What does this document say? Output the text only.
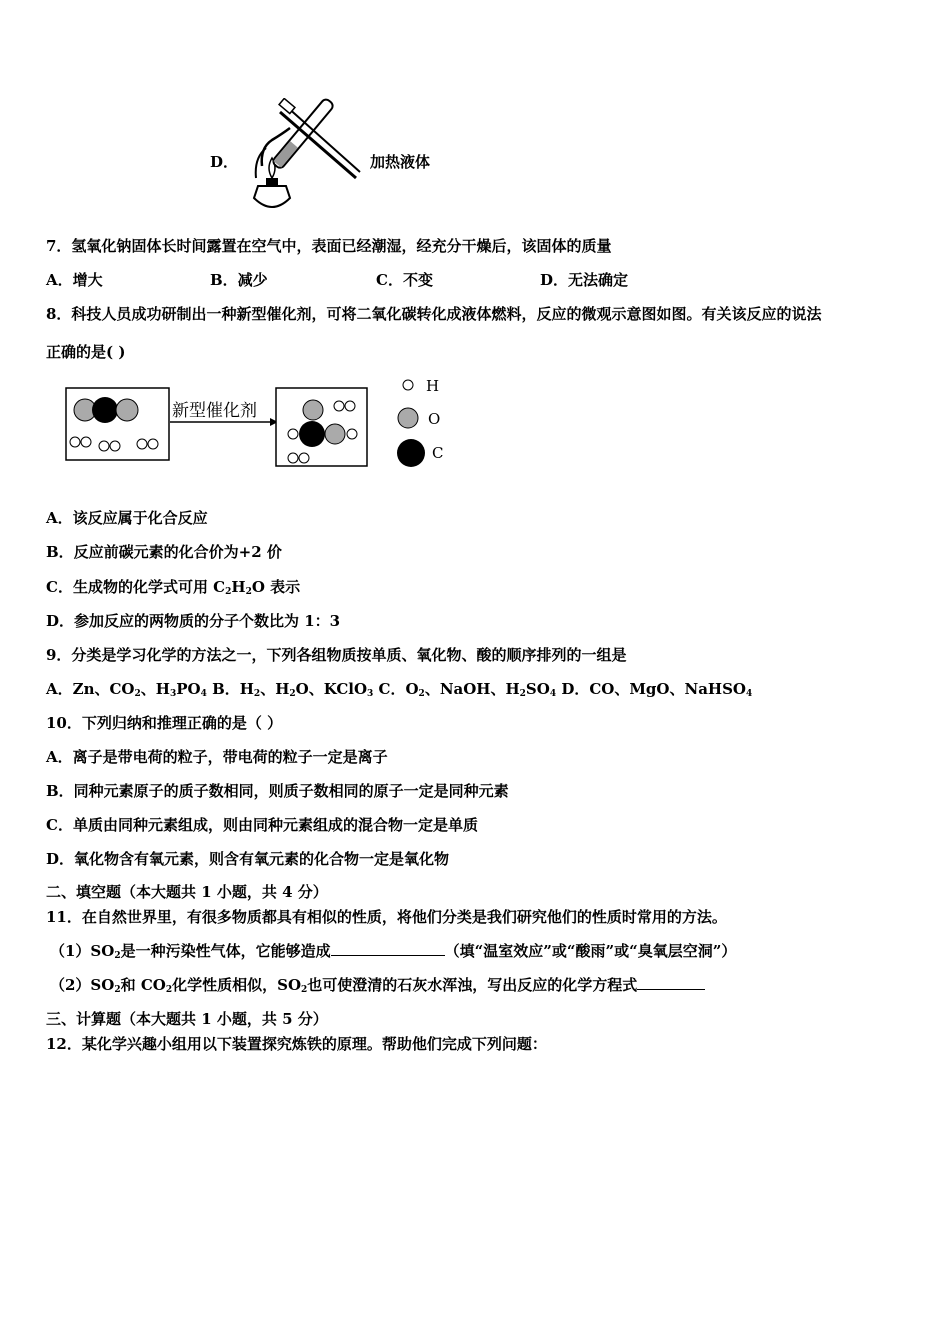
D．	加热液体
7．氢氧化钠固体长时间露置在空气中，表面已经潮湿，经充分干燥后，该固体的质量
A．增大	B．减少	C．不变	D．无法确定
8．科技人员成功研制出一种新型催化剂，可将二氧化碳转化成液体燃料，反应的微观示意图如图。有关该反应的说法
正确的是( )
新型催化剂
H
O
C
A．该反应属于化合反应
B．反应前碳元素的化合价为+2 价
C．生成物的化学式可用 $C_2H_2O$ 表示
D．参加反应的两物质的分子个数比为 1：3
9．分类是学习化学的方法之一，下列各组物质按单质、氧化物、酸的顺序排列的一组是
A．Zn、$CO_2$、$H_3PO_4$ B．$H_2$、$H_2O$、KClO$_3$ C．$O_2$、NaOH、$H_2SO_4$ D．CO、MgO、NaHSO$_4$
10．下列归纳和推理正确的是（ ）
A．离子是带电荷的粒子，带电荷的粒子一定是离子
B．同种元素原子的质子数相同，则质子数相同的原子一定是同种元素
C．单质由同种元素组成，则由同种元素组成的混合物一定是单质
D．氧化物含有氧元素，则含有氧元素的化合物一定是氧化物
二、填空题（本大题共 1 小题，共 4 分）
11．在自然世界里，有很多物质都具有相似的性质，将他们分类是我们研究他们的性质时常用的方法。
$(1)SO_2$是一种污染性气体，它能够造成	（填“温室效应”或“酸雨”或“臭氧层空洞”）
$(2)SO_2$和 $CO_2$化学性质相似，$SO_2$也可使澄清的石灰水浑浊，写出反应的化学方程式
三、计算题（本大题共 1 小题，共 5 分）
12．某化学兴趣小组用以下装置探究炼铁的原理。帮助他们完成下列问题：
